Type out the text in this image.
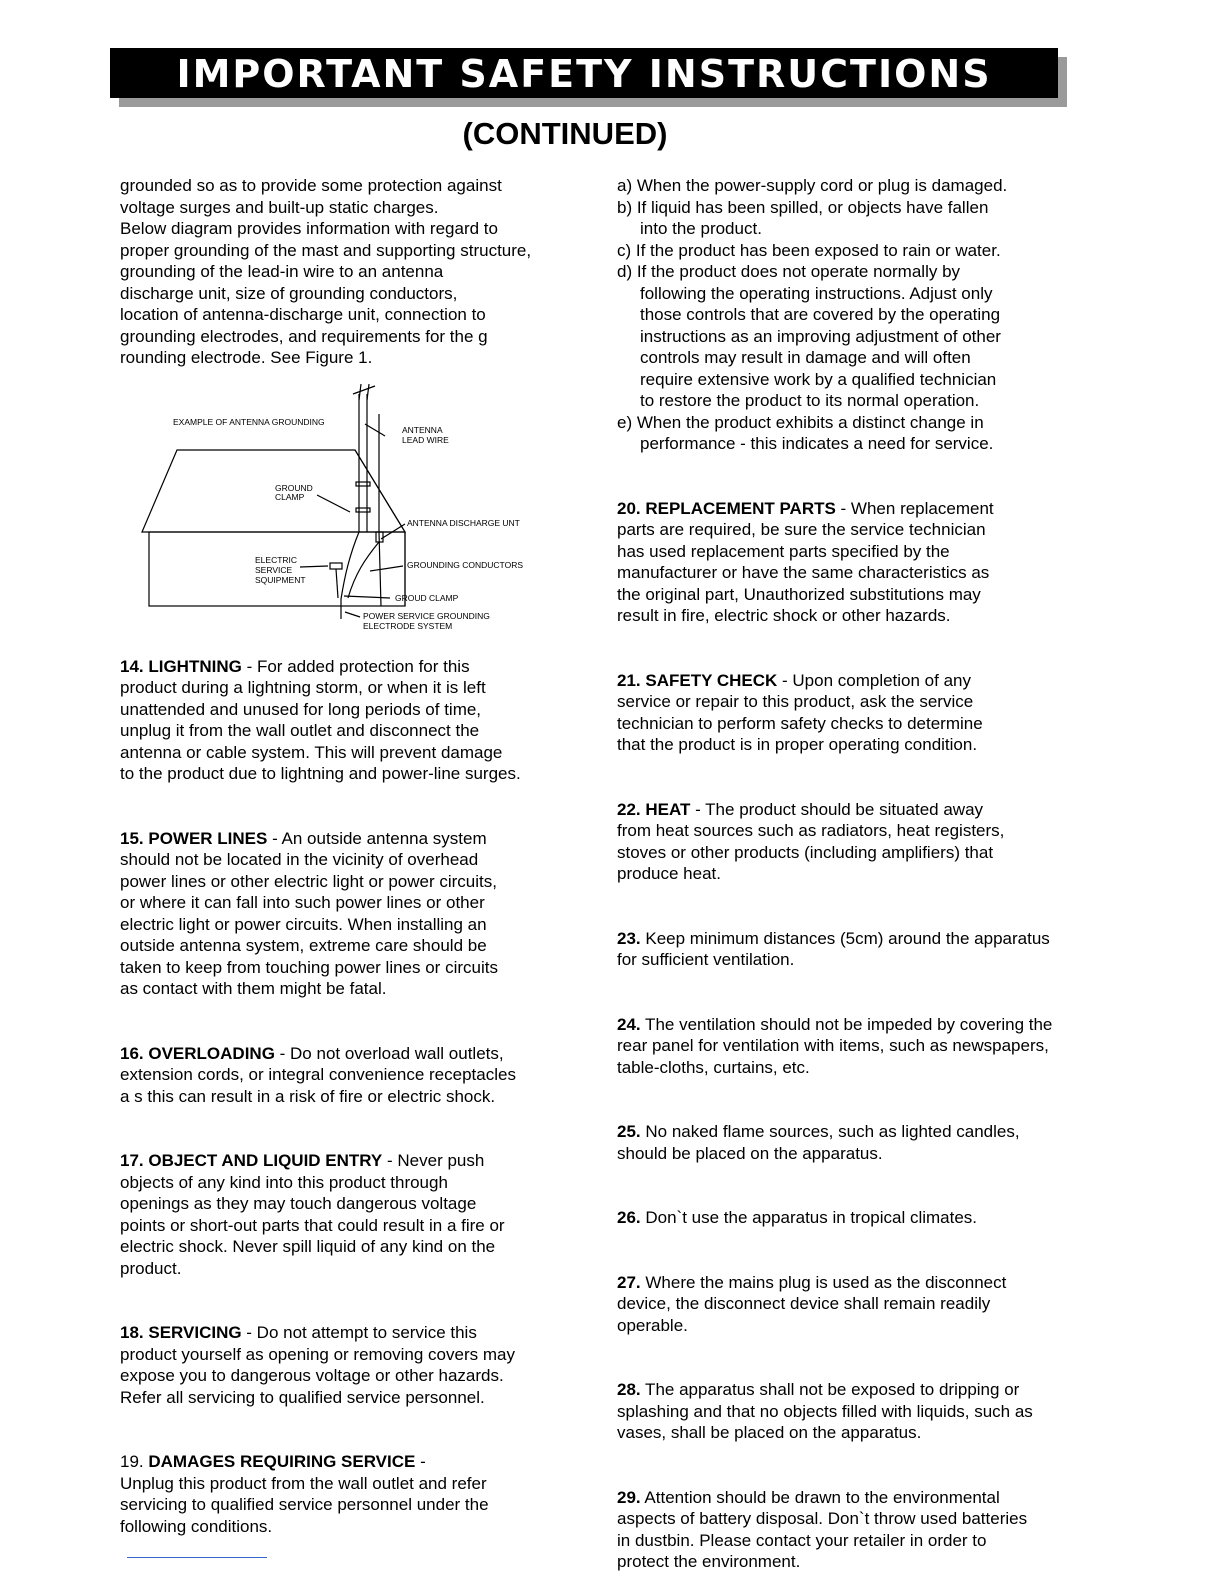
IMPORTANT SAFETY INSTRUCTIONS
(CONTINUED)

grounded so as to provide some protection against

voltage surges and built-up static charges.

Below diagram provides information with regard to

proper grounding of the mast and supporting structure,

grounding of the lead-in wire to an antenna

discharge unit, size of grounding conductors,

location of antenna-discharge unit, connection to

grounding electrodes, and requirements for the g

rounding electrode. See Figure 1.

14. LIGHTNING - For added protection for this

product during a lightning storm, or when it is left

unattended and unused for long periods of time,

unplug it from the wall outlet and disconnect the

antenna or cable system. This will prevent damage

to the product due to lightning and power-line surges.

15. POWER LINES - An outside antenna system

should not be located in the vicinity of overhead

power lines or other electric light or power circuits,

or where it can fall into such power lines or other

electric light or power circuits. When installing an

outside antenna system, extreme care should be

taken to keep from touching power lines or circuits

as contact with them might be fatal.

16. OVERLOADING - Do not overload wall outlets,

extension cords, or integral convenience receptacles

a s this can result in a risk of fire or electric shock.

17. OBJECT AND LIQUID ENTRY - Never push

objects of any kind into this product through

openings as they may touch dangerous voltage

points or short-out parts that could result in a fire or

electric shock. Never spill liquid of any kind on the

product.

18. SERVICING - Do not attempt to service this

product yourself as opening or removing covers may

expose you to dangerous voltage or other hazards.

Refer all servicing to qualified service personnel.

19. DAMAGES REQUIRING SERVICE -

Unplug this product from the wall outlet and refer

servicing to qualified service personnel under the

following conditions.

EXAMPLE OF ANTENNA GROUNDING
ANTENNA
LEAD WIRE
GROUND
CLAMP
ANTENNA DISCHARGE UNT
ELECTRIC
SERVICE
SQUIPMENT
GROUNDING CONDUCTORS
GROUD CLAMP
POWER SERVICE GROUNDING
ELECTRODE SYSTEM

a) When the power-supply cord or plug is damaged.

b) If liquid has been spilled, or objects have fallen

into the product.

c) If the product has been exposed to rain or water.

d) If the product does not operate normally by

following the operating instructions. Adjust only

those controls that are covered by the operating

instructions as an improving adjustment of other

controls may result in damage and will often

require extensive work by a qualified technician

to restore the product to its normal operation.

e) When the product exhibits a distinct change in

performance - this indicates a need for service.

20. REPLACEMENT PARTS - When replacement

parts are required, be sure the service technician

has used replacement parts specified by the

manufacturer or have the same characteristics as

the original part, Unauthorized substitutions may

result in fire, electric shock or other hazards.

21. SAFETY CHECK - Upon completion of any

service or repair to this product, ask the service

technician to perform safety checks to determine

that the product is in proper operating condition.

22. HEAT - The product should be situated away

from heat sources such as radiators, heat registers,

stoves or other products (including amplifiers) that

produce heat.

23. Keep minimum distances (5cm) around the apparatus

for sufficient ventilation.

24. The ventilation should not be impeded by covering the

rear panel for ventilation with items, such as newspapers,

table-cloths, curtains, etc.

25. No naked flame sources, such as lighted candles,

should be placed on the apparatus.

26. Don`t use the apparatus in tropical climates.

27. Where the mains plug is used as the disconnect

device, the disconnect device shall remain readily

operable.

28. The apparatus shall not be exposed to dripping or

splashing and that no objects filled with liquids, such as

vases, shall be placed on the apparatus.

29. Attention should be drawn to the environmental

aspects of battery disposal. Don`t throw used batteries

in dustbin. Please contact your retailer in order to

protect the environment.
